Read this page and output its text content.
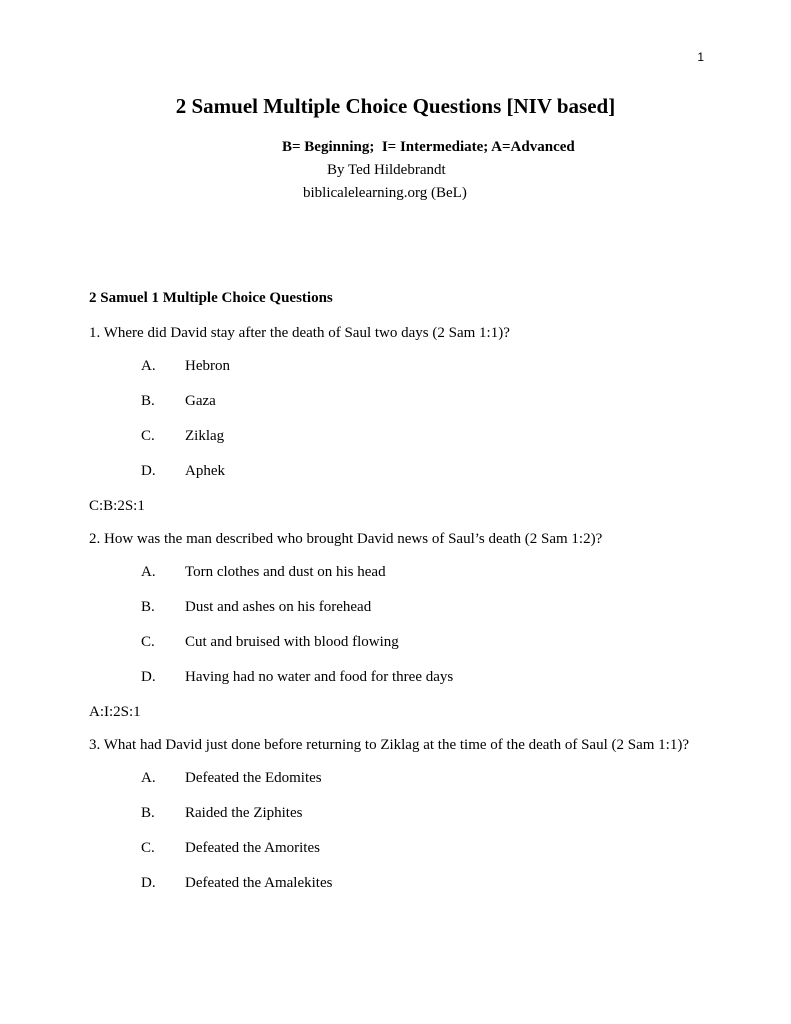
1
2 Samuel Multiple Choice Questions [NIV based]
B= Beginning;  I= Intermediate; A=Advanced
By Ted Hildebrandt
biblicalelearning.org (BeL)
2 Samuel 1 Multiple Choice Questions
1. Where did David stay after the death of Saul two days (2 Sam 1:1)?
A.	Hebron
B.	Gaza
C.	Ziklag
D.	Aphek
C:B:2S:1
2. How was the man described who brought David news of Saul’s death (2 Sam 1:2)?
A.	Torn clothes and dust on his head
B.	Dust and ashes on his forehead
C.	Cut and bruised with blood flowing
D.	Having had no water and food for three days
A:I:2S:1
3. What had David just done before returning to Ziklag at the time of the death of Saul (2 Sam 1:1)?
A.	Defeated the Edomites
B.	Raided the Ziphites
C.	Defeated the Amorites
D.	Defeated the Amalekites
